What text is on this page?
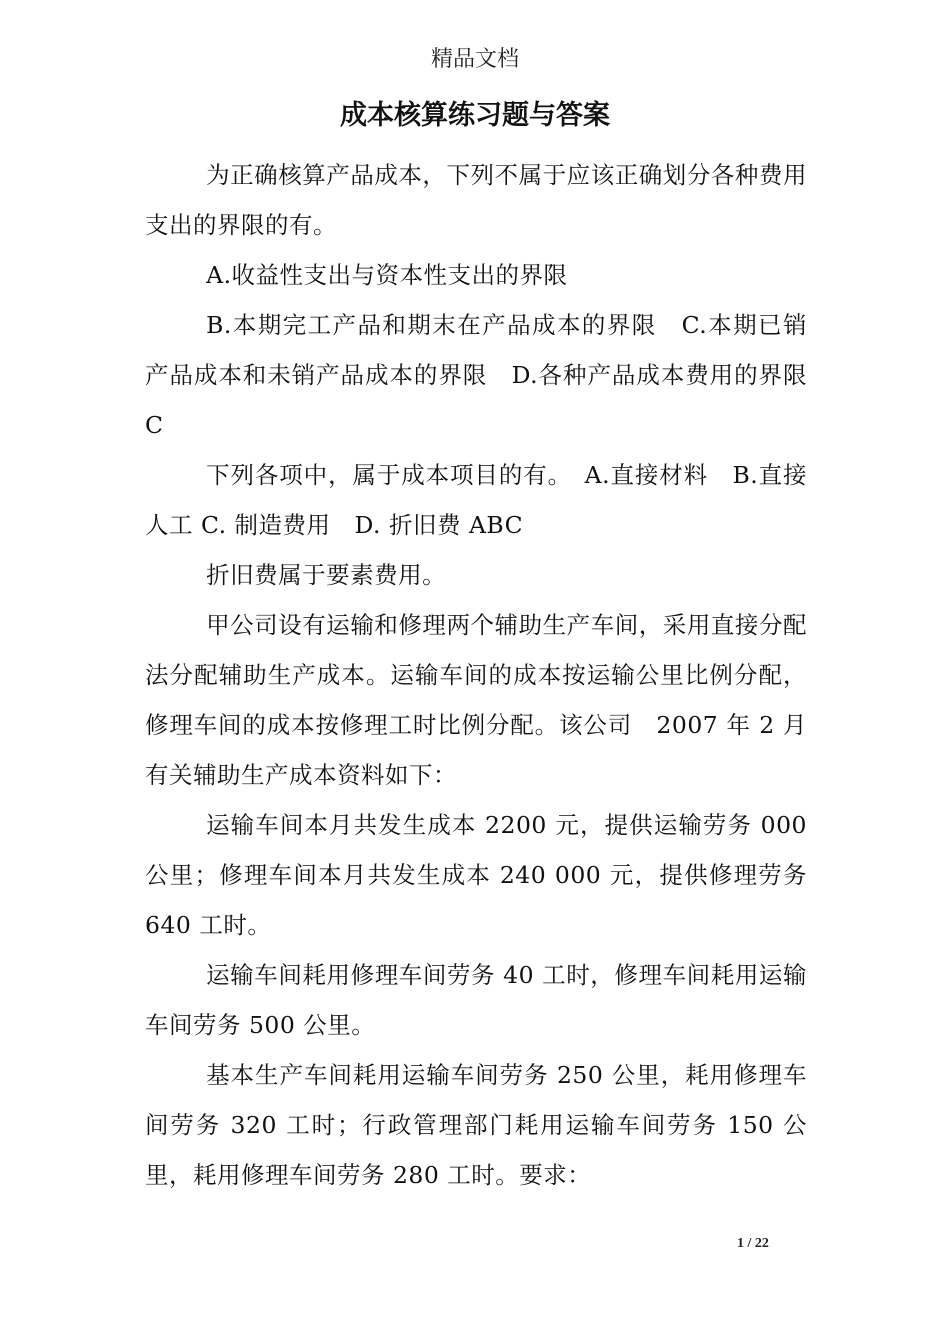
精品文档
成本核算练习题与答案

为正确核算产品成本，下列不属于应该正确划分各种费用支出的界限的有。

A.收益性支出与资本性支出的界限

B.本期完工产品和期末在产品成本的界限　C.本期已销产品成本和未销产品成本的界限　D.各种产品成本费用的界限 C

下列各项中，属于成本项目的有。　A.直接材料　B.直接人工 C. 制造费用　D. 折旧费 ABC

折旧费属于要素费用。

甲公司设有运输和修理两个辅助生产车间，采用直接分配法分配辅助生产成本。运输车间的成本按运输公里比例分配，修理车间的成本按修理工时比例分配。该公司　2007 年 2 月有关辅助生产成本资料如下：

运输车间本月共发生成本 2200 元，提供运输劳务 000 公里；修理车间本月共发生成本 240 000 元，提供修理劳务 640 工时。

运输车间耗用修理车间劳务 40 工时，修理车间耗用运输车间劳务 500 公里。

基本生产车间耗用运输车间劳务 250 公里，耗用修理车间劳务 320 工时；行政管理部门耗用运输车间劳务 150 公里，耗用修理车间劳务 280 工时。要求：

1 / 22
